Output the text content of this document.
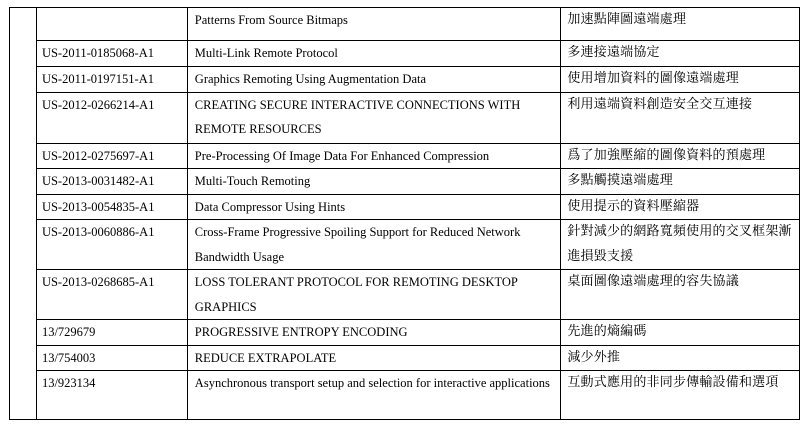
		Patterns From Source Bitmaps	加速點陣圖遠端處理
	US-2011-0185068-A1	Multi-Link Remote Protocol	多連接遠端協定
	US-2011-0197151-A1	Graphics Remoting Using Augmentation Data	使用增加資料的圖像遠端處理
	US-2012-0266214-A1	CREATING SECURE INTERACTIVE CONNECTIONS WITH REMOTE RESOURCES	利用遠端資料創造安全交互連接
	US-2012-0275697-A1	Pre-Processing Of Image Data For Enhanced Compression	爲了加強壓縮的圖像資料的預處理
	US-2013-0031482-A1	Multi-Touch Remoting	多點觸摸遠端處理
	US-2013-0054835-A1	Data Compressor Using Hints	使用提示的資料壓縮器
	US-2013-0060886-A1	Cross-Frame Progressive Spoiling Support for Reduced Network Bandwidth Usage	針對減少的網路寬頻使用的交叉框架漸進損毀支援
	US-2013-0268685-A1	LOSS TOLERANT PROTOCOL FOR REMOTING DESKTOP GRAPHICS	桌面圖像遠端處理的容失協議
	13/729679	PROGRESSIVE ENTROPY ENCODING	先進的熵編碼
	13/754003	REDUCE EXTRAPOLATE	減少外推
	13/923134	Asynchronous transport setup and selection for interactive applications	互動式應用的非同步傳輸設備和選項
